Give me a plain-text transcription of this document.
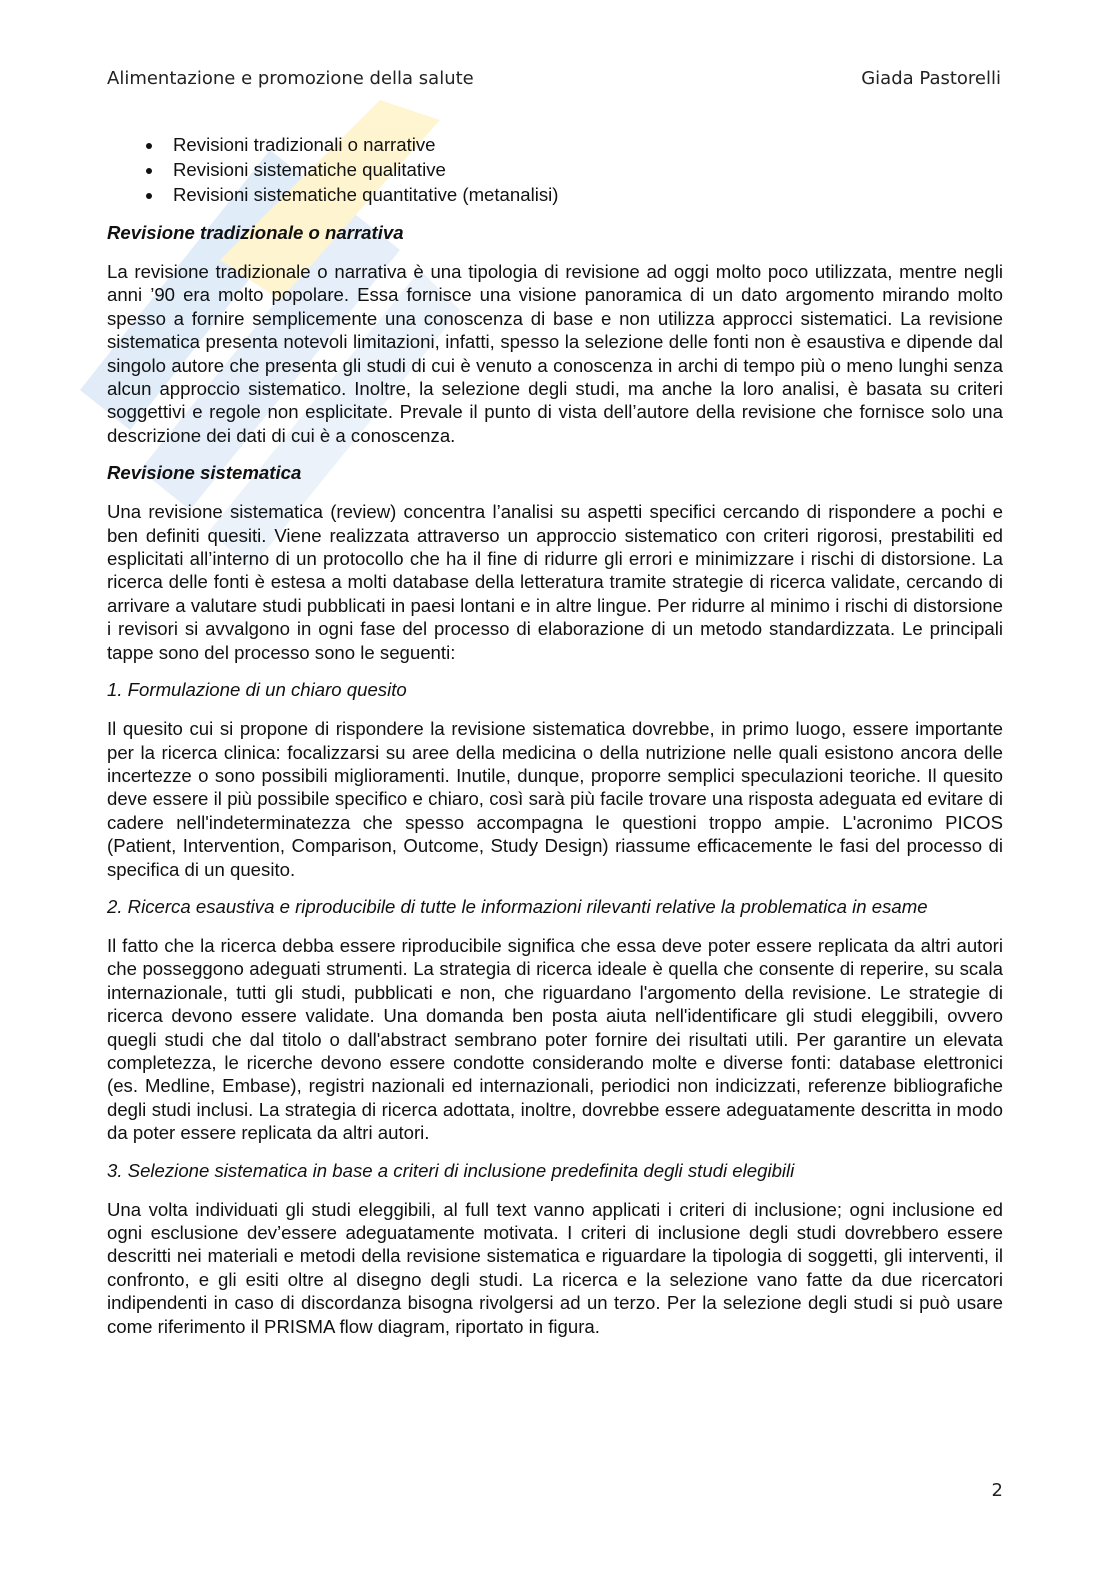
Alimentazione e promozione della salute	Giada Pastorelli
Revisioni tradizionali o narrative
Revisioni sistematiche qualitative
Revisioni sistematiche quantitative (metanalisi)
Revisione tradizionale o narrativa

La revisione tradizionale o narrativa è una tipologia di revisione ad oggi molto poco utilizzata, mentre negli anni ’90 era molto popolare. Essa fornisce una visione panoramica di un dato argomento mirando molto spesso a fornire semplicemente una conoscenza di base e non utilizza approcci sistematici. La revisione sistematica presenta notevoli limitazioni, infatti, spesso la selezione delle fonti non è esaustiva e dipende dal singolo autore che presenta gli studi di cui è venuto a conoscenza in archi di tempo più o meno lunghi senza alcun approccio sistematico. Inoltre, la selezione degli studi, ma anche la loro analisi, è basata su criteri soggettivi e regole non esplicitate. Prevale il punto di vista dell’autore della revisione che fornisce solo una descrizione dei dati di cui è a conoscenza.

Revisione sistematica

Una revisione sistematica (review) concentra l’analisi su aspetti specifici cercando di rispondere a pochi e ben definiti quesiti. Viene realizzata attraverso un approccio sistematico con criteri rigorosi, prestabiliti ed esplicitati all’interno di un protocollo che ha il fine di ridurre gli errori e minimizzare i rischi di distorsione. La ricerca delle fonti è estesa a molti database della letteratura tramite strategie di ricerca validate, cercando di arrivare a valutare studi pubblicati in paesi lontani e in altre lingue. Per ridurre al minimo i rischi di distorsione i revisori si avvalgono in ogni fase del processo di elaborazione di un metodo standardizzata. Le principali tappe sono del processo sono le seguenti:

1. Formulazione di un chiaro quesito

Il quesito cui si propone di rispondere la revisione sistematica dovrebbe, in primo luogo, essere importante per la ricerca clinica: focalizzarsi su aree della medicina o della nutrizione nelle quali esistono ancora delle incertezze o sono possibili miglioramenti. Inutile, dunque, proporre semplici speculazioni teoriche. Il quesito deve essere il più possibile specifico e chiaro, così sarà più facile trovare una risposta adeguata ed evitare di cadere nell'indeterminatezza che spesso accompagna le questioni troppo ampie. L'acronimo PICOS (Patient, Intervention, Comparison, Outcome, Study Design) riassume efficacemente le fasi del processo di specifica di un quesito.

2. Ricerca esaustiva e riproducibile di tutte le informazioni rilevanti relative la problematica in esame

Il fatto che la ricerca debba essere riproducibile significa che essa deve poter essere replicata da altri autori che posseggono adeguati strumenti. La strategia di ricerca ideale è quella che consente di reperire, su scala internazionale, tutti gli studi, pubblicati e non, che riguardano l'argomento della revisione. Le strategie di ricerca devono essere validate. Una domanda ben posta aiuta nell'identificare gli studi eleggibili, ovvero quegli studi che dal titolo o dall'abstract sembrano poter fornire dei risultati utili. Per garantire un elevata completezza, le ricerche devono essere condotte considerando molte e diverse fonti: database elettronici (es. Medline, Embase), registri nazionali ed internazionali, periodici non indicizzati, referenze bibliografiche degli studi inclusi. La strategia di ricerca adottata, inoltre, dovrebbe essere adeguatamente descritta in modo da poter essere replicata da altri autori.

3. Selezione sistematica in base a criteri di inclusione predefinita degli studi elegibili

Una volta individuati gli studi eleggibili, al full text vanno applicati i criteri di inclusione; ogni inclusione ed ogni esclusione dev’essere adeguatamente motivata. I criteri di inclusione degli studi dovrebbero essere descritti nei materiali e metodi della revisione sistematica e riguardare la tipologia di soggetti, gli interventi, il confronto, e gli esiti oltre al disegno degli studi. La ricerca e la selezione vano fatte da due ricercatori indipendenti in caso di discordanza bisogna rivolgersi ad un terzo. Per la selezione degli studi si può usare come riferimento il PRISMA flow diagram, riportato in figura.

2
